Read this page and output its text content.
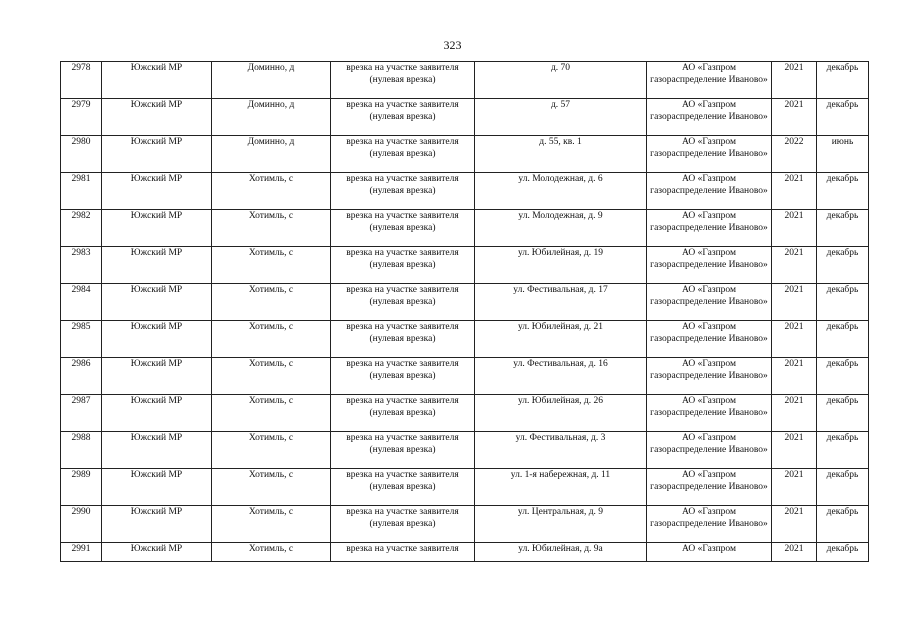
323
2978	Южский МР	Доминно, д	врезка на участке заявителя (нулевая врезка)	д. 70	АО «Газпром газораспределение Иваново»	2021	декабрь
2979	Южский МР	Доминно, д	врезка на участке заявителя (нулевая врезка)	д. 57	АО «Газпром газораспределение Иваново»	2021	декабрь
2980	Южский МР	Доминно, д	врезка на участке заявителя (нулевая врезка)	д. 55, кв. 1	АО «Газпром газораспределение Иваново»	2022	июнь
2981	Южский МР	Хотимль, с	врезка на участке заявителя (нулевая врезка)	ул. Молодежная, д. 6	АО «Газпром газораспределение Иваново»	2021	декабрь
2982	Южский МР	Хотимль, с	врезка на участке заявителя (нулевая врезка)	ул. Молодежная, д. 9	АО «Газпром газораспределение Иваново»	2021	декабрь
2983	Южский МР	Хотимль, с	врезка на участке заявителя (нулевая врезка)	ул. Юбилейная, д. 19	АО «Газпром газораспределение Иваново»	2021	декабрь
2984	Южский МР	Хотимль, с	врезка на участке заявителя (нулевая врезка)	ул. Фестивальная, д. 17	АО «Газпром газораспределение Иваново»	2021	декабрь
2985	Южский МР	Хотимль, с	врезка на участке заявителя (нулевая врезка)	ул. Юбилейная, д. 21	АО «Газпром газораспределение Иваново»	2021	декабрь
2986	Южский МР	Хотимль, с	врезка на участке заявителя (нулевая врезка)	ул. Фестивальная, д. 16	АО «Газпром газораспределение Иваново»	2021	декабрь
2987	Южский МР	Хотимль, с	врезка на участке заявителя (нулевая врезка)	ул. Юбилейная, д. 26	АО «Газпром газораспределение Иваново»	2021	декабрь
2988	Южский МР	Хотимль, с	врезка на участке заявителя (нулевая врезка)	ул. Фестивальная, д. 3	АО «Газпром газораспределение Иваново»	2021	декабрь
2989	Южский МР	Хотимль, с	врезка на участке заявителя (нулевая врезка)	ул. 1-я набережная, д. 11	АО «Газпром газораспределение Иваново»	2021	декабрь
2990	Южский МР	Хотимль, с	врезка на участке заявителя (нулевая врезка)	ул. Центральная, д. 9	АО «Газпром газораспределение Иваново»	2021	декабрь
2991	Южский МР	Хотимль, с	врезка на участке заявителя	ул. Юбилейная, д. 9а	АО «Газпром	2021	декабрь
